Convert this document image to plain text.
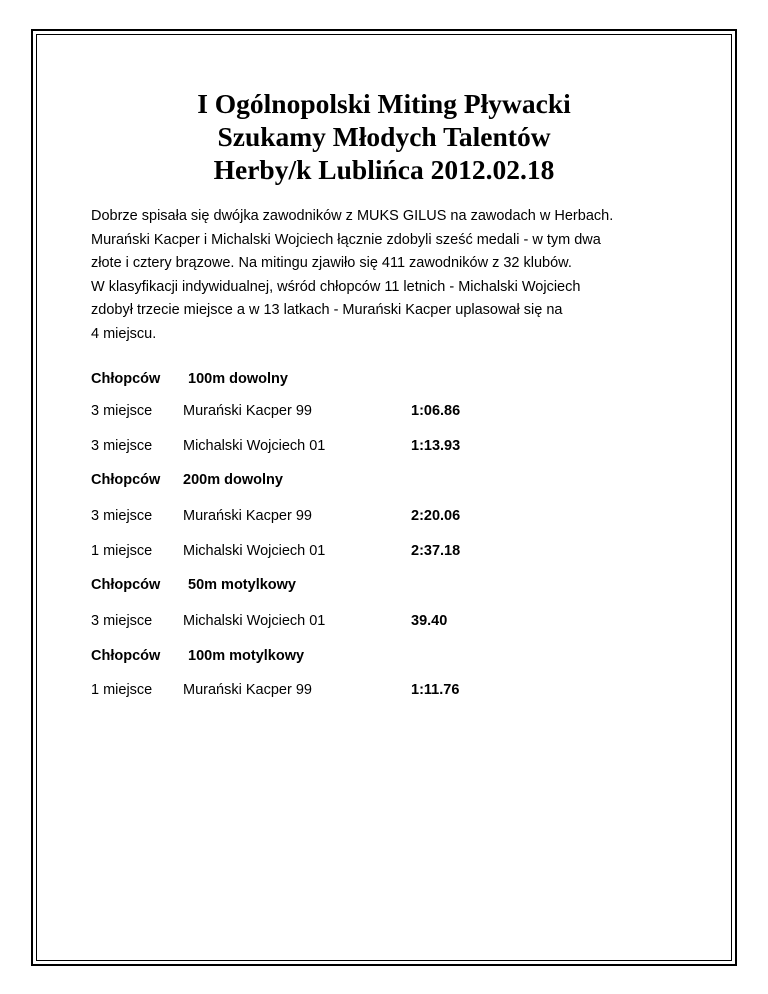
I Ogólnopolski Miting Pływacki
Szukamy Młodych Talentów
Herby/k Lublińca 2012.02.18
Dobrze spisała się dwójka zawodników z MUKS GILUS na zawodach w Herbach.
Murański Kacper i Michalski Wojciech łącznie zdobyli sześć medali - w tym dwa
złote i cztery brązowe. Na mitingu zjawiło się 411 zawodników z 32 klubów.
W klasyfikacji indywidualnej, wśród chłopców 11 letnich - Michalski Wojciech
zdobył trzecie miejsce a w 13 latkach - Murański Kacper uplasował się na
4 miejscu.
Chłopców 100m dowolny
3 miejsce Murański Kacper 99	1:06.86
3 miejsce Michalski Wojciech 01	1:13.93
Chłopców 200m dowolny
3 miejsce Murański Kacper 99	2:20.06
1 miejsce Michalski Wojciech 01	2:37.18
Chłopców 50m motylkowy
3 miejsce Michalski Wojciech 01	39.40
Chłopców 100m motylkowy
1 miejsce Murański Kacper 99	1:11.76
